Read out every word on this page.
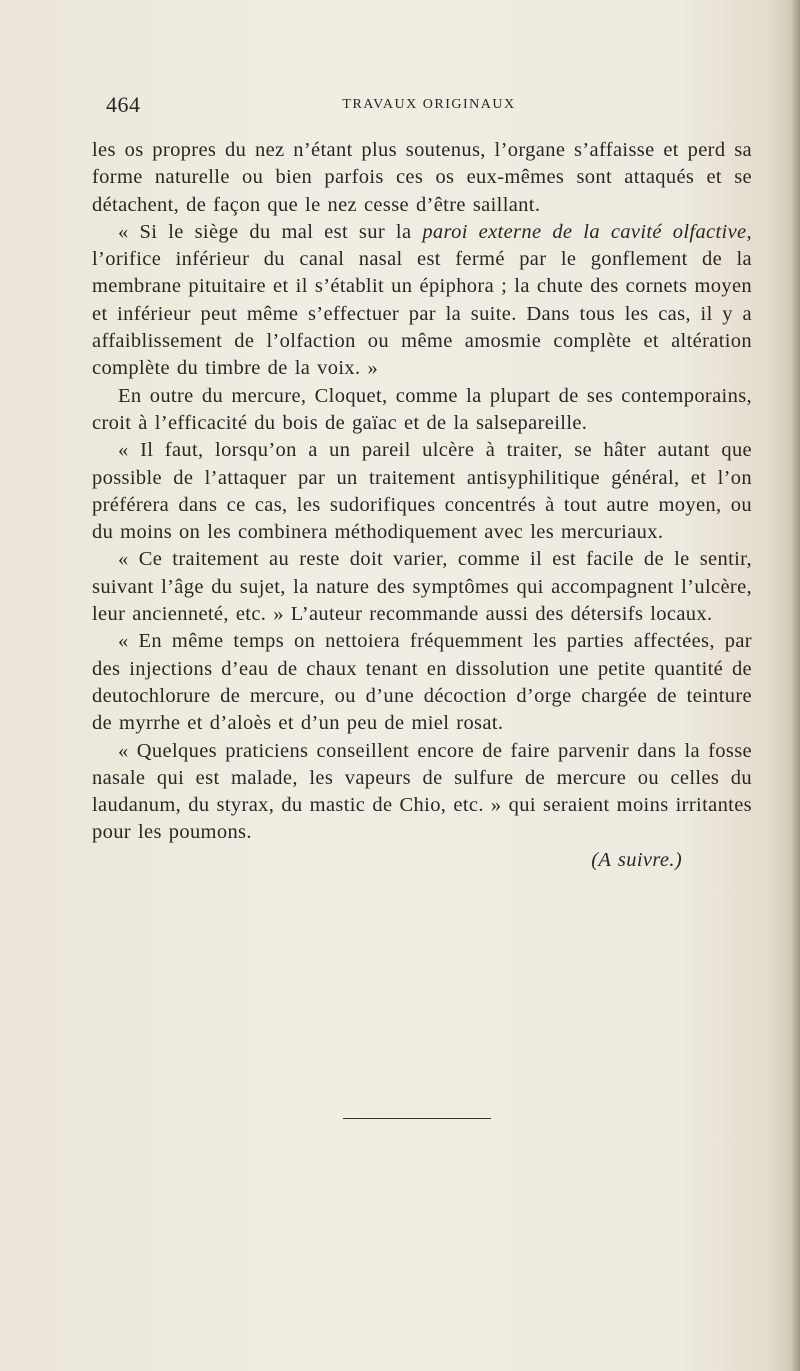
464	TRAVAUX ORIGINAUX

les os propres du nez n’étant plus soutenus, l’organe s’affaisse et perd sa forme naturelle ou bien parfois ces os eux-mêmes sont attaqués et se détachent, de façon que le nez cesse d’être saillant.

« Si le siège du mal est sur la paroi externe de la cavité olfactive, l’orifice inférieur du canal nasal est fermé par le gonflement de la membrane pituitaire et il s’établit un épiphora ; la chute des cornets moyen et inférieur peut même s’effectuer par la suite. Dans tous les cas, il y a affaiblissement de l’olfaction ou même amosmie complète et altération complète du timbre de la voix. »

En outre du mercure, Cloquet, comme la plupart de ses contemporains, croit à l’efficacité du bois de gaïac et de la salsepareille.

« Il faut, lorsqu’on a un pareil ulcère à traiter, se hâter autant que possible de l’attaquer par un traitement antisyphilitique général, et l’on préférera dans ce cas, les sudorifiques concentrés à tout autre moyen, ou du moins on les combinera méthodiquement avec les mercuriaux.

« Ce traitement au reste doit varier, comme il est facile de le sentir, suivant l’âge du sujet, la nature des symptômes qui accompagnent l’ulcère, leur ancienneté, etc. » L’auteur recommande aussi des détersifs locaux.

« En même temps on nettoiera fréquemment les parties affectées, par des injections d’eau de chaux tenant en dissolution une petite quantité de deutochlorure de mercure, ou d’une décoction d’orge chargée de teinture de myrrhe et d’aloès et d’un peu de miel rosat.

« Quelques praticiens conseillent encore de faire parvenir dans la fosse nasale qui est malade, les vapeurs de sulfure de mercure ou celles du laudanum, du styrax, du mastic de Chio, etc. » qui seraient moins irritantes pour les poumons.

(A suivre.)
